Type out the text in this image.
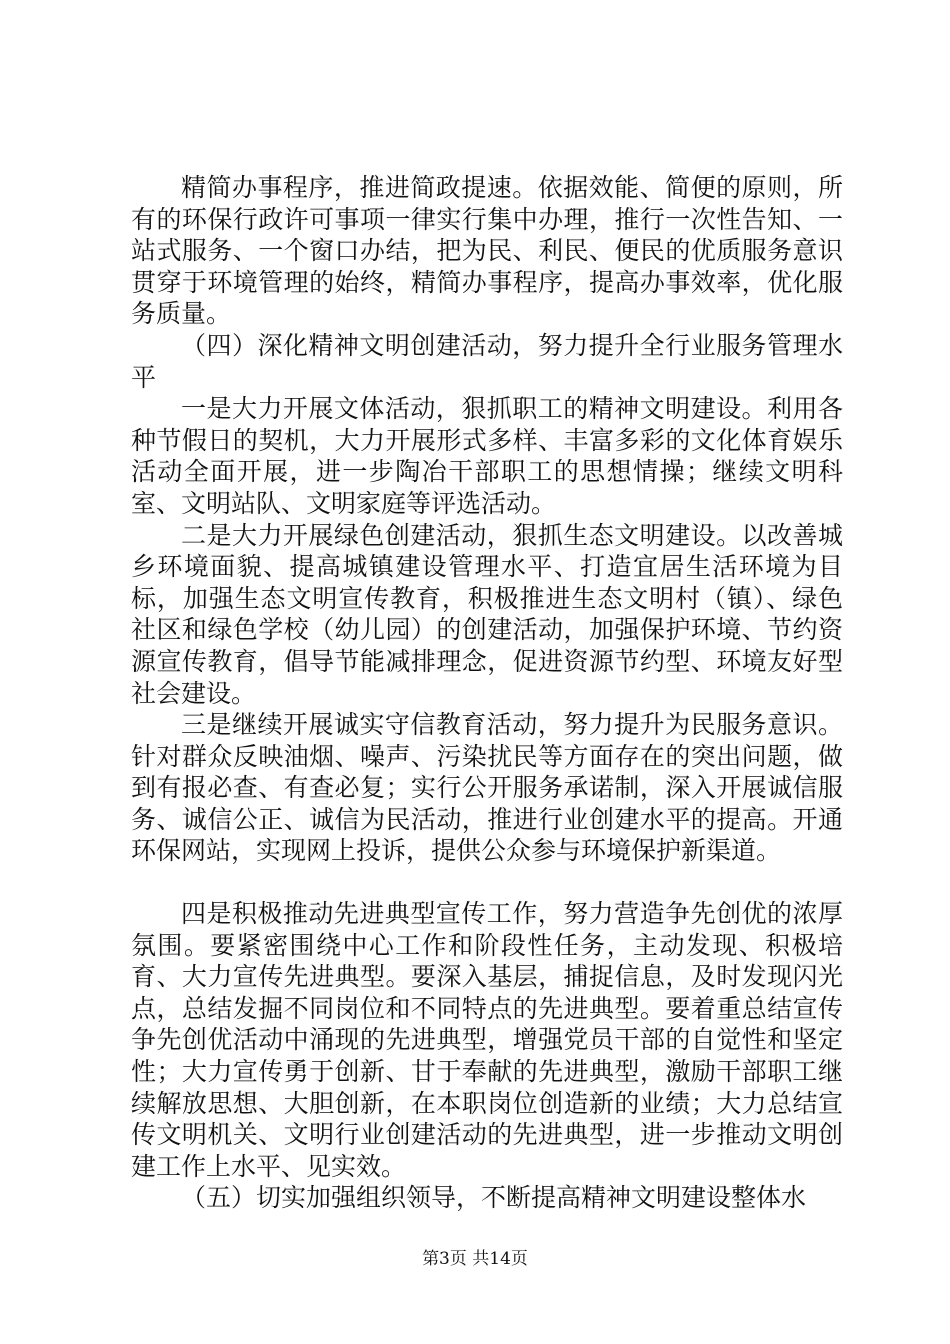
精简办事程序，推进简政提速。依据效能、简便的原则，所有的环保行政许可事项一律实行集中办理，推行一次性告知、一站式服务、一个窗口办结，把为民、利民、便民的优质服务意识贯穿于环境管理的始终，精简办事程序，提高办事效率，优化服务质量。

（四）深化精神文明创建活动，努力提升全行业服务管理水平

一是大力开展文体活动，狠抓职工的精神文明建设。利用各种节假日的契机，大力开展形式多样、丰富多彩的文化体育娱乐活动全面开展，进一步陶冶干部职工的思想情操；继续文明科室、文明站队、文明家庭等评选活动。

二是大力开展绿色创建活动，狠抓生态文明建设。以改善城乡环境面貌、提高城镇建设管理水平、打造宜居生活环境为目标，加强生态文明宣传教育，积极推进生态文明村（镇）、绿色社区和绿色学校（幼儿园）的创建活动，加强保护环境、节约资源宣传教育，倡导节能减排理念，促进资源节约型、环境友好型社会建设。

三是继续开展诚实守信教育活动，努力提升为民服务意识。针对群众反映油烟、噪声、污染扰民等方面存在的突出问题，做到有报必查、有查必复；实行公开服务承诺制，深入开展诚信服务、诚信公正、诚信为民活动，推进行业创建水平的提高。开通环保网站，实现网上投诉，提供公众参与环境保护新渠道。

四是积极推动先进典型宣传工作，努力营造争先创优的浓厚氛围。要紧密围绕中心工作和阶段性任务，主动发现、积极培育、大力宣传先进典型。要深入基层，捕捉信息，及时发现闪光点，总结发掘不同岗位和不同特点的先进典型。要着重总结宣传争先创优活动中涌现的先进典型，增强党员干部的自觉性和坚定性；大力宣传勇于创新、甘于奉献的先进典型，激励干部职工继续解放思想、大胆创新，在本职岗位创造新的业绩；大力总结宣传文明机关、文明行业创建活动的先进典型，进一步推动文明创建工作上水平、见实效。

（五）切实加强组织领导，不断提高精神文明建设整体水

第3页 共14页
